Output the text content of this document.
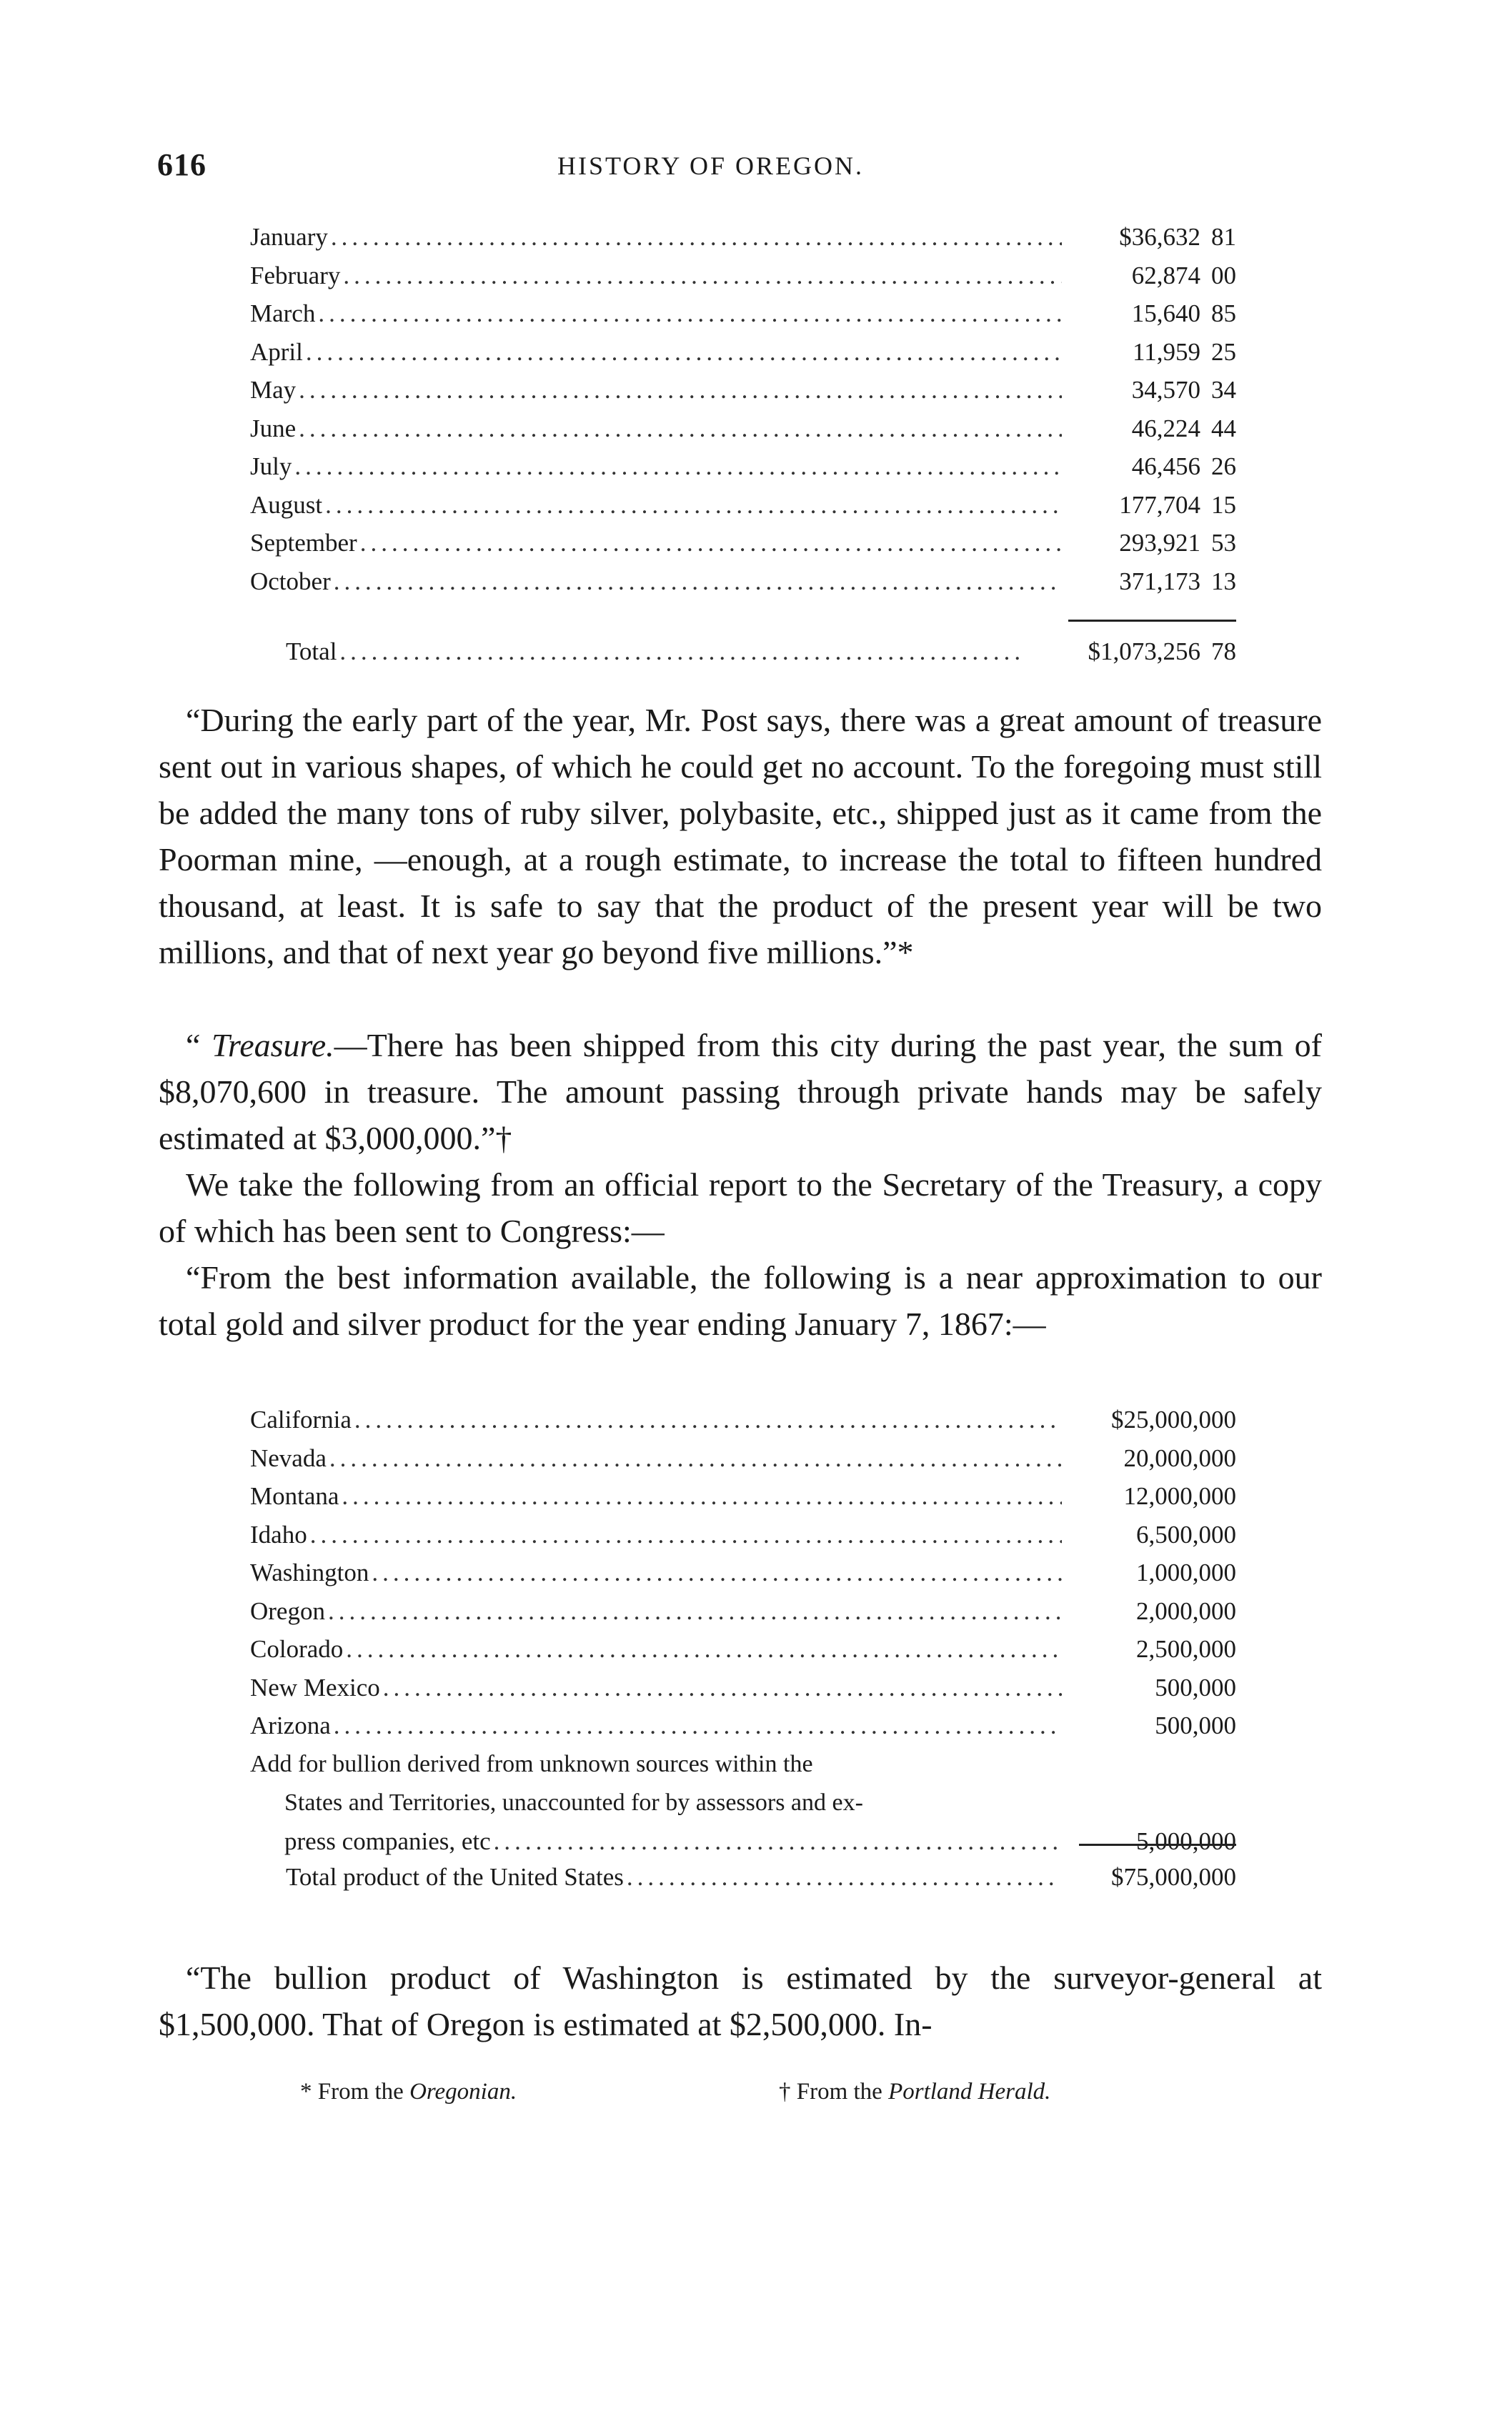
616	HISTORY OF OREGON.
January .....	$36,632 81
February .....	62,874 00
March .....	15,640 85
April .....	11,959 25
May .....	34,570 34
June .....	46,224 44
July .....	46,456 26
August .....	177,704 15
September .....	293,921 53
October .....	371,173 13
Total .....	$1,073,256 78

“During the early part of the year, Mr. Post says, there was a great amount of treasure sent out in various shapes, of which he could get no account. To the foregoing must still be added the many tons of ruby silver, polybasite, etc., shipped just as it came from the Poorman mine, —enough, at a rough estimate, to increase the total to fifteen hundred thousand, at least. It is safe to say that the product of the present year will be two millions, and that of next year go beyond five millions.”*

“ Treasure.—There has been shipped from this city during the past year, the sum of $8,070,600 in treasure. The amount passing through private hands may be safely estimated at $3,000,000.”†

We take the following from an official report to the Secretary of the Treasury, a copy of which has been sent to Congress:—

“From the best information available, the following is a near approximation to our total gold and silver product for the year ending January 7, 1867:—

California .....	$25,000,000
Nevada .....	20,000,000
Montana .....	12,000,000
Idaho .....	6,500,000
Washington .....	1,000,000
Oregon .....	2,000,000
Colorado .....	2,500,000
New Mexico .....	500,000
Arizona .....	500,000
Add for bullion derived from unknown sources within the
States and Territories, unaccounted for by assessors and ex-
press companies, etc .....	5,000,000
Total product of the United States .....	$75,000,000

“The bullion product of Washington is estimated by the surveyor-general at $1,500,000. That of Oregon is estimated at $2,500,000. In-

* From the Oregonian.	† From the Portland Herald.
